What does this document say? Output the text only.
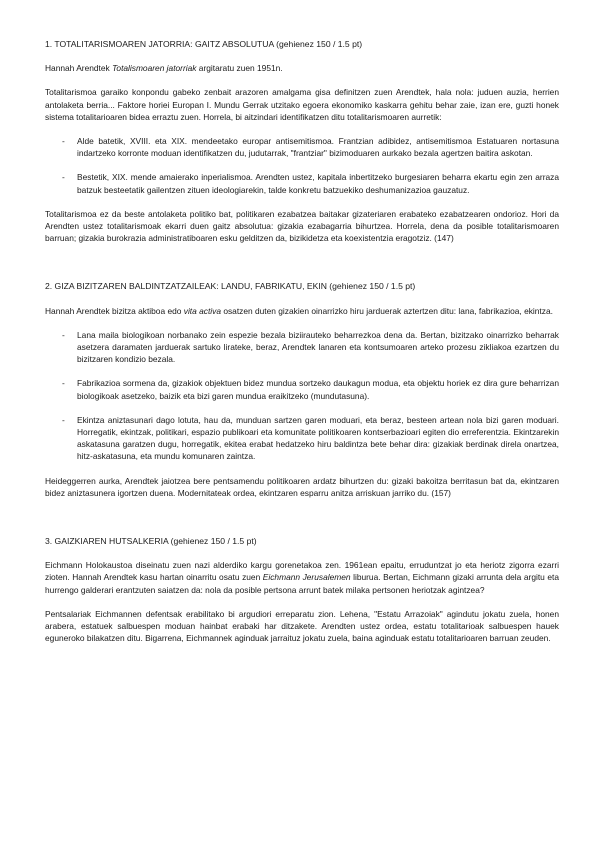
1. TOTALITARISMOAREN JATORRIA: GAITZ ABSOLUTUA (gehienez 150 / 1.5 pt)

Hannah Arendtek Totalismoaren jatorriak argitaratu zuen 1951n.

Totalitarismoa garaiko konpondu gabeko zenbait arazoren amalgama gisa definitzen zuen Arendtek, hala nola: juduen auzia, herrien antolaketa berria... Faktore horiei Europan I. Mundu Gerrak utzitako egoera ekonomiko kaskarra gehitu behar zaie, izan ere, guzti honek sistema totalitarioaren bidea erraztu zuen. Horrela, bi aitzindari identifikatzen ditu totalitarismoaren aurretik:

- Alde batetik, XVIII. eta XIX. mendeetako europar antisemitismoa. Frantzian adibidez, antisemitismoa Estatuaren nortasuna indartzeko korronte moduan identifikatzen du, judutarrak, "frantziar" bizimoduaren aurkako bezala agertzen baitira askotan.
- Bestetik, XIX. mende amaierako inperialismoa. Arendten ustez, kapitala inbertitzeko burgesiaren beharra ekartu egin zen arraza batzuk besteetatik gailentzen zituen ideologiarekin, talde konkretu batzuekiko deshumanizazioa gauzatuz.

Totalitarismoa ez da beste antolaketa politiko bat, politikaren ezabatzea baitakar gizateriaren erabateko ezabatzearen ondorioz. Hori da Arendten ustez totalitarismoak ekarri duen gaitz absolutua: gizakia ezabagarria bihurtzea. Horrela, dena da posible totalitarismoaren barruan; gizakia burokrazia administratiboaren esku gelditzen da, bizikidetza eta koexistentzia eragotziz. (147)

2. GIZA BIZITZAREN BALDINTZATZAILEAK: LANDU, FABRIKATU, EKIN (gehienez 150 / 1.5 pt)

Hannah Arendtek bizitza aktiboa edo vita activa osatzen duten gizakien oinarrizko hiru jarduerak aztertzen ditu: lana, fabrikazioa, ekintza.

- Lana maila biologikoan norbanako zein espezie bezala biziirauteko beharrezkoa dena da. Bertan, bizitzako oinarrizko beharrak asetzera daramaten jarduerak sartuko lirateke, beraz, Arendtek lanaren eta kontsumoaren arteko prozesu zikliakoa ezartzen du bizitzaren kondizio bezala.
- Fabrikazioa sormena da, gizakiok objektuen bidez mundua sortzeko daukagun modua, eta objektu horiek ez dira gure beharrizan biologikoak asetzeko, baizik eta bizi garen mundua eraikitzeko (mundutasuna).
- Ekintza aniztasunari dago lotuta, hau da, munduan sartzen garen moduari, eta beraz, besteen artean nola bizi garen moduari. Horregatik, ekintzak, politikari, espazio publikoari eta komunitate politikoaren kontserbazioari egiten dio erreferentzia. Ekintzarekin askatasuna garatzen dugu, horregatik, ekitea erabat hedatzeko hiru baldintza bete behar dira: gizakiak berdinak direla onartzea, hitz-askatasuna, eta mundu komunaren zaintza.

Heideggerren aurka, Arendtek jaiotzea bere pentsamendu politikoaren ardatz bihurtzen du: gizaki bakoitza berritasun bat da, ekintzaren bidez aniztasunera igortzen duena. Modernitateak ordea, ekintzaren esparru anitza arriskuan jarriko du. (157)

3. GAIZKIAREN HUTSALKERIA (gehienez 150 / 1.5 pt)

Eichmann Holokaustoa diseinatu zuen nazi alderdiko kargu gorenetakoa zen. 1961ean epaitu, erruduntzat jo eta heriotz zigorra ezarri zioten. Hannah Arendtek kasu hartan oinarritu osatu zuen Eichmann Jerusalemen liburua. Bertan, Eichmann gizaki arrunta dela argitu eta hurrengo galderari erantzuten saiatzen da: nola da posible pertsona arrunt batek milaka pertsonen heriotzak agintzea?

Pentsalariak Eichmannen defentsak erabilitako bi argudiori erreparatu zion. Lehena, "Estatu Arrazoiak" agindutu jokatu zuela, honen arabera, estatuek salbuespen moduan hainbat erabaki har ditzakete. Arendten ustez ordea, estatu totalitarioak salbuespen hauek eguneroko bilakatzen ditu. Bigarrena, Eichmannek aginduak jarraituz jokatu zuela, baina aginduak estatu totalitarioaren barruan zeuden.
